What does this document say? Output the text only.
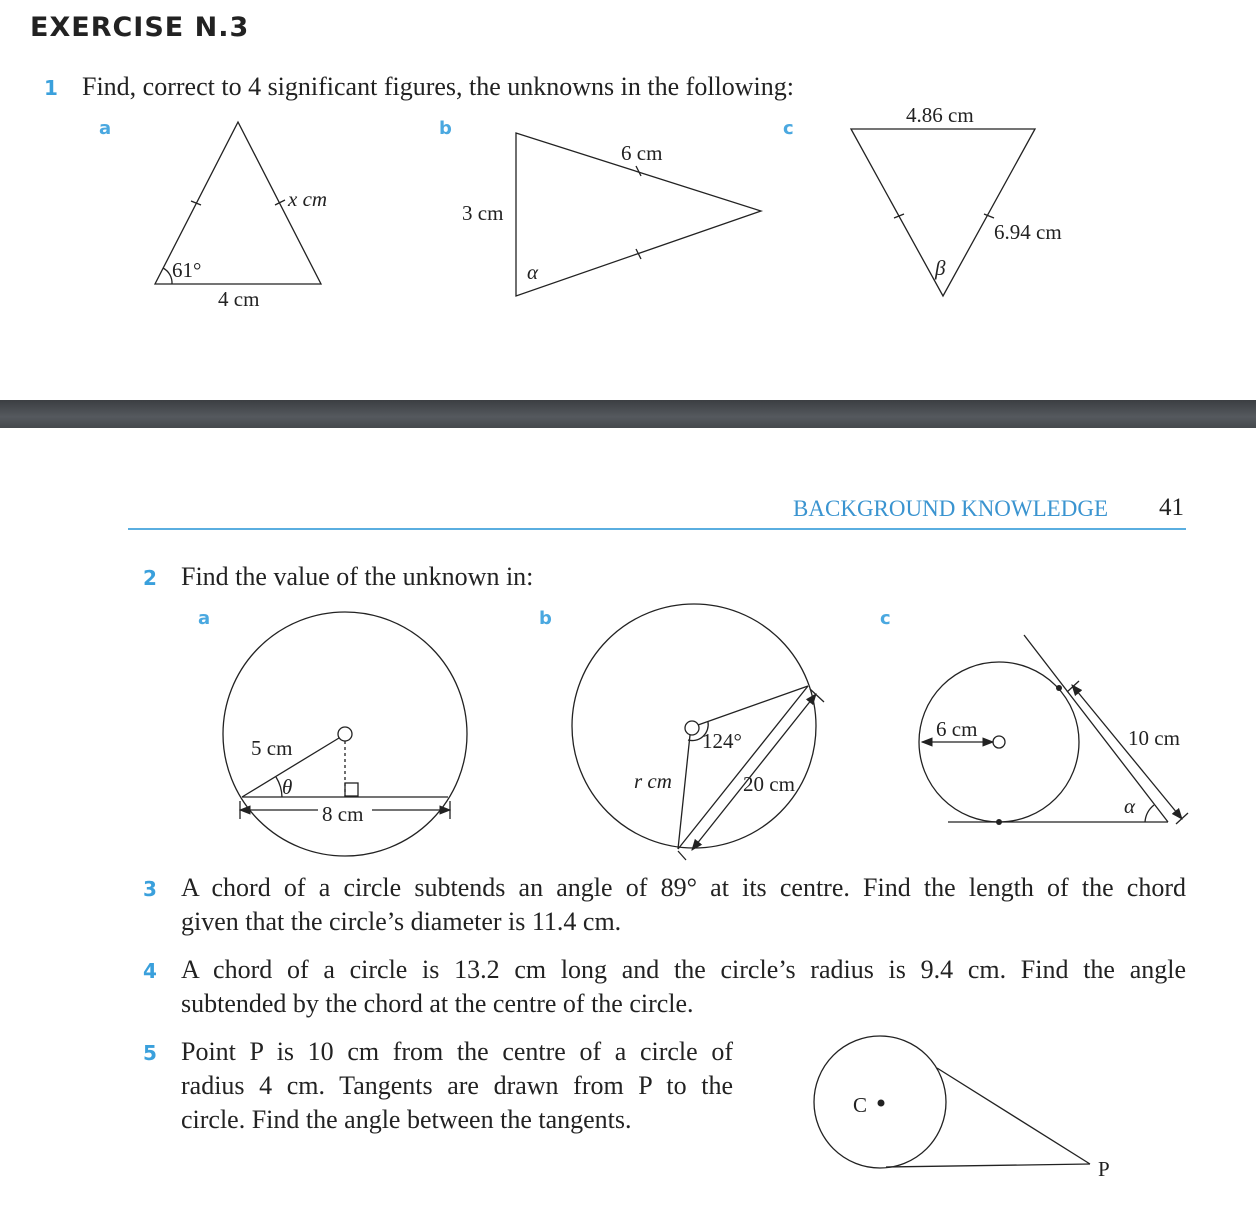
EXERCISE N.3
1 Find, correct to 4 significant figures, the unknowns in the following:
a	b	c
61°
4 cm
x cm
6 cm
3 cm
α
4.86 cm
6.94 cm
β
BACKGROUND KNOWLEDGE 41
2 Find the value of the unknown in:
a	b	c
5 cm
θ
8 cm
124°
r cm	20 cm
6 cm	10 cm
α
3 A chord of a circle subtends an angle of 89° at its centre. Find the length of the chord
given that the circle’s diameter is 11.4 cm.
4 A chord of a circle is 13.2 cm long and the circle’s radius is 9.4 cm. Find the angle
subtended by the chord at the centre of the circle.
5 Point P is 10 cm from the centre of a circle of
radius 4 cm. Tangents are drawn from P to the
circle. Find the angle between the tangents.	C
P
